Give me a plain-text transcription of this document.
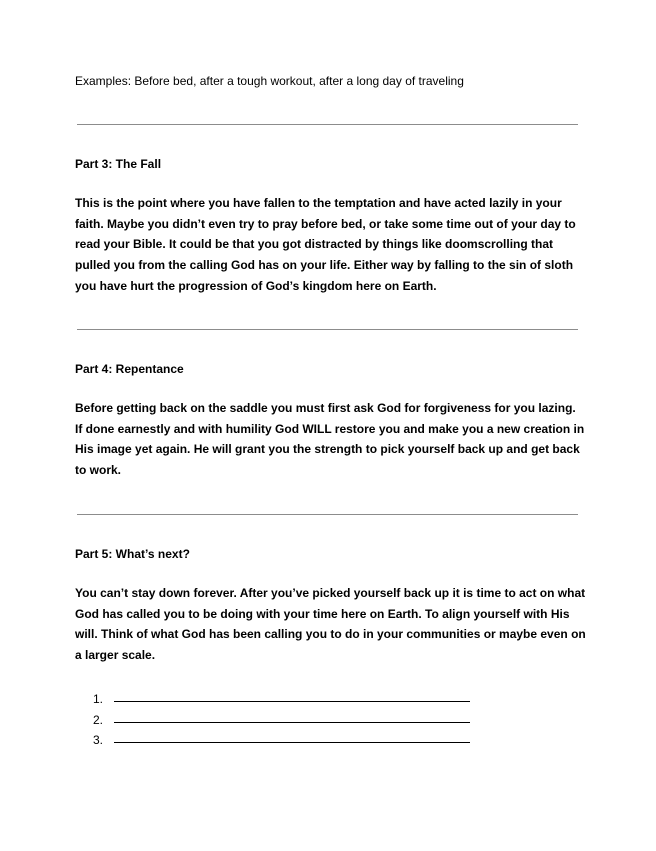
Examples: Before bed, after a tough workout, after a long day of traveling
Part 3: The Fall
This is the point where you have fallen to the temptation and have acted lazily in your
faith. Maybe you didn’t even try to pray before bed, or take some time out of your day to
read your Bible. It could be that you got distracted by things like doomscrolling that
pulled you from the calling God has on your life. Either way by falling to the sin of sloth
you have hurt the progression of God’s kingdom here on Earth.
Part 4: Repentance
Before getting back on the saddle you must first ask God for forgiveness for you lazing.
If done earnestly and with humility God WILL restore you and make you a new creation in
His image yet again. He will grant you the strength to pick yourself back up and get back
to work.
Part 5: What’s next?
You can’t stay down forever. After you’ve picked yourself back up it is time to act on what
God has called you to be doing with your time here on Earth. To align yourself with His
will. Think of what God has been calling you to do in your communities or maybe even on
a larger scale.
1.
2.
3.
